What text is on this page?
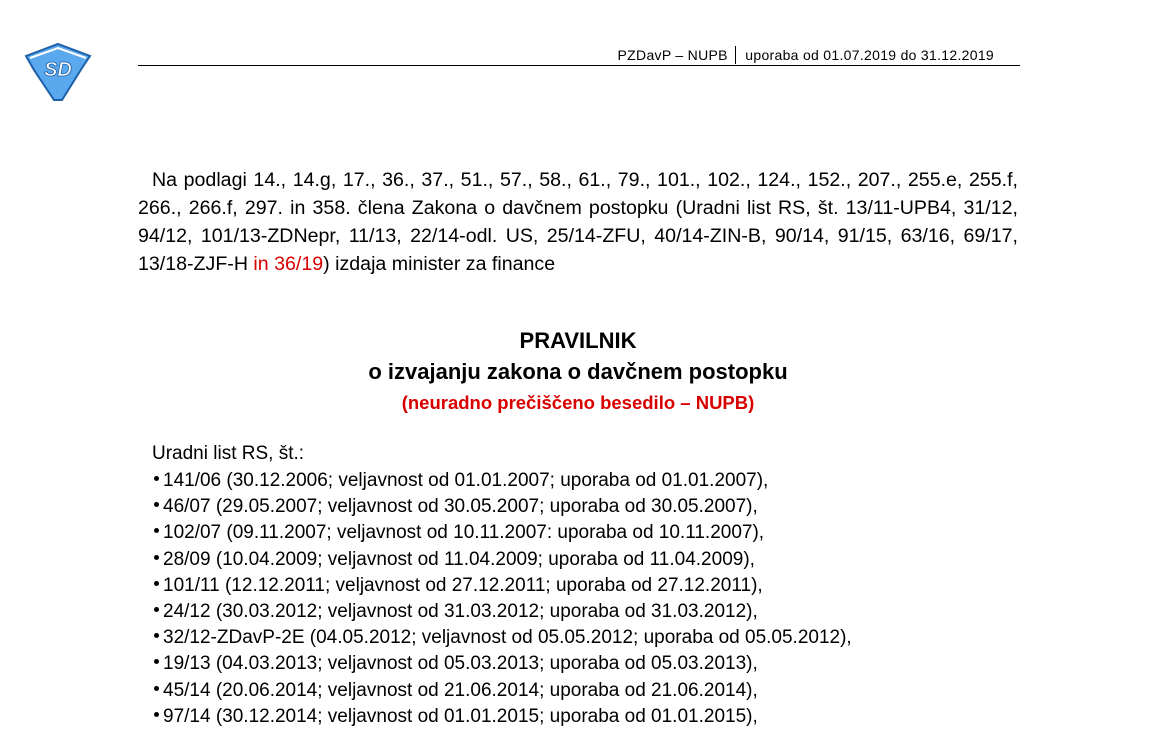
SD
PZDavP – NUPB uporaba od 01.07.2019 do 31.12.2019
Na podlagi 14., 14.g, 17., 36., 37., 51., 57., 58., 61., 79., 101., 102., 124., 152., 207., 255.e, 255.f, 266., 266.f, 297. in 358. člena Zakona o davčnem postopku (Uradni list RS, št. 13/11-UPB4, 31/12, 94/12, 101/13-ZDNepr, 11/13, 22/14-odl. US, 25/14-ZFU, 40/14-ZIN-B, 90/14, 91/15, 63/16, 69/17, 13/18-ZJF-H in 36/19) izdaja minister za finance
PRAVILNIK
o izvajanju zakona o davčnem postopku
(neuradno prečiščeno besedilo – NUPB)
Uradni list RS, št.:
141/06 (30.12.2006; veljavnost od 01.01.2007; uporaba od 01.01.2007),
46/07 (29.05.2007; veljavnost od 30.05.2007; uporaba od 30.05.2007),
102/07 (09.11.2007; veljavnost od 10.11.2007: uporaba od 10.11.2007),
28/09 (10.04.2009; veljavnost od 11.04.2009; uporaba od 11.04.2009),
101/11 (12.12.2011; veljavnost od 27.12.2011; uporaba od 27.12.2011),
24/12 (30.03.2012; veljavnost od 31.03.2012; uporaba od 31.03.2012),
32/12-ZDavP-2E (04.05.2012; veljavnost od 05.05.2012; uporaba od 05.05.2012),
19/13 (04.03.2013; veljavnost od 05.03.2013; uporaba od 05.03.2013),
45/14 (20.06.2014; veljavnost od 21.06.2014; uporaba od 21.06.2014),
97/14 (30.12.2014; veljavnost od 01.01.2015; uporaba od 01.01.2015),
